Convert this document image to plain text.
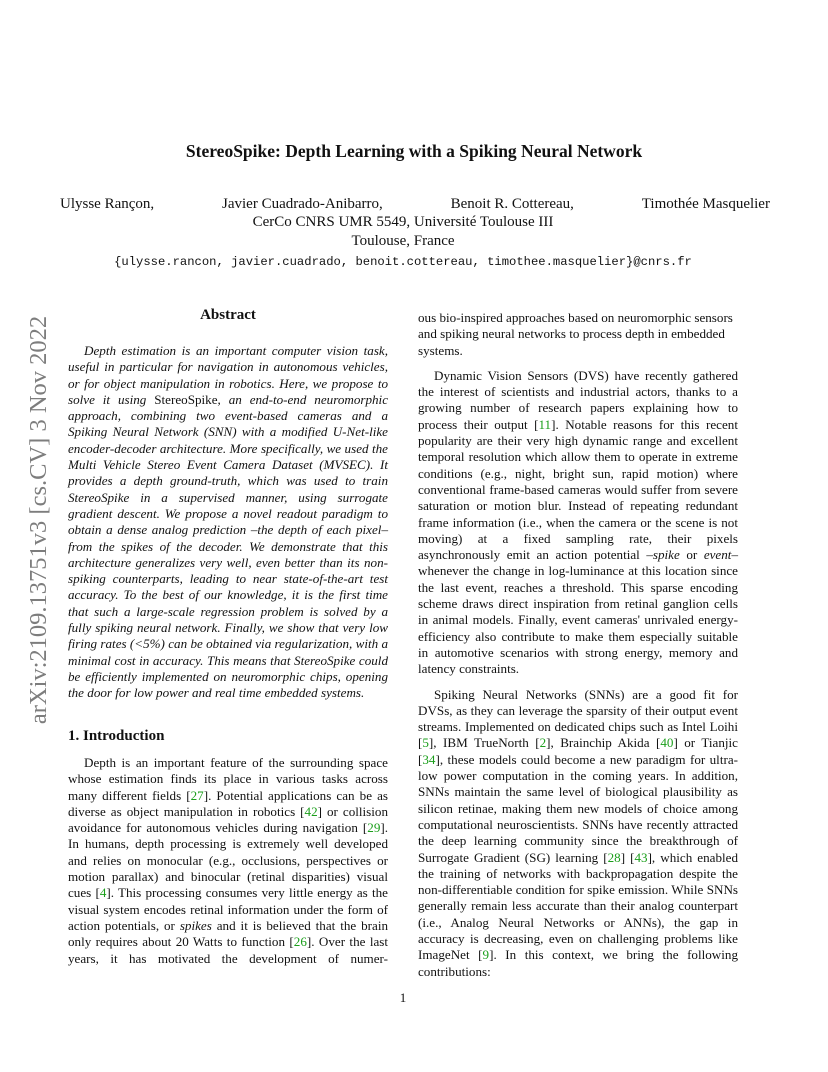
arXiv:2109.13751v3 [cs.CV] 3 Nov 2022
StereoSpike: Depth Learning with a Spiking Neural Network
Ulysse Rançon,	Javier Cuadrado-Anibarro,	Benoit R. Cottereau,	Timothée Masquelier
CerCo CNRS UMR 5549, Université Toulouse III
Toulouse, France
{ulysse.rancon, javier.cuadrado, benoit.cottereau, timothee.masquelier}@cnrs.fr
Abstract

Depth estimation is an important computer vision task, useful in particular for navigation in autonomous vehicles, or for object manipulation in robotics. Here, we propose to solve it using StereoSpike, an end-to-end neuromorphic approach, combining two event-based cameras and a Spiking Neural Network (SNN) with a modified U-Net-like encoder-decoder architecture. More specifically, we used the Multi Vehicle Stereo Event Camera Dataset (MVSEC). It provides a depth ground-truth, which was used to train StereoSpike in a supervised manner, using surrogate gradient descent. We propose a novel readout paradigm to obtain a dense analog prediction –the depth of each pixel– from the spikes of the decoder. We demonstrate that this architecture generalizes very well, even better than its non-spiking counterparts, leading to near state-of-the-art test accuracy. To the best of our knowledge, it is the first time that such a large-scale regression problem is solved by a fully spiking neural network. Finally, we show that very low firing rates (<5%) can be obtained via regularization, with a minimal cost in accuracy. This means that StereoSpike could be efficiently implemented on neuromorphic chips, opening the door for low power and real time embedded systems.

1. Introduction

Depth is an important feature of the surrounding space whose estimation finds its place in various tasks across many different fields [27]. Potential applications can be as diverse as object manipulation in robotics [42] or collision avoidance for autonomous vehicles during navigation [29]. In humans, depth processing is extremely well developed and relies on monocular (e.g., occlusions, perspectives or motion parallax) and binocular (retinal disparities) visual cues [4]. This processing consumes very little energy as the visual system encodes retinal information under the form of action potentials, or spikes and it is believed that the brain only requires about 20 Watts to function [26]. Over the last years, it has motivated the development of numer-

ous bio-inspired approaches based on neuromorphic sensors and spiking neural networks to process depth in embedded systems.

Dynamic Vision Sensors (DVS) have recently gathered the interest of scientists and industrial actors, thanks to a growing number of research papers explaining how to process their output [11]. Notable reasons for this recent popularity are their very high dynamic range and excellent temporal resolution which allow them to operate in extreme conditions (e.g., night, bright sun, rapid motion) where conventional frame-based cameras would suffer from severe saturation or motion blur. Instead of repeating redundant frame information (i.e., when the camera or the scene is not moving) at a fixed sampling rate, their pixels asynchronously emit an action potential –spike or event– whenever the change in log-luminance at this location since the last event, reaches a threshold. This sparse encoding scheme draws direct inspiration from retinal ganglion cells in animal models. Finally, event cameras' unrivaled energy-efficiency also contribute to make them especially suitable in automotive scenarios with strong energy, memory and latency constraints.

Spiking Neural Networks (SNNs) are a good fit for DVSs, as they can leverage the sparsity of their output event streams. Implemented on dedicated chips such as Intel Loihi [5], IBM TrueNorth [2], Brainchip Akida [40] or Tianjic [34], these models could become a new paradigm for ultra-low power computation in the coming years. In addition, SNNs maintain the same level of biological plausibility as silicon retinae, making them new models of choice among computational neuroscientists. SNNs have recently attracted the deep learning community since the breakthrough of Surrogate Gradient (SG) learning [28] [43], which enabled the training of networks with backpropagation despite the non-differentiable condition for spike emission. While SNNs generally remain less accurate than their analog counterpart (i.e., Analog Neural Networks or ANNs), the gap in accuracy is decreasing, even on challenging problems like ImageNet [9]. In this context, we bring the following contributions:

1
